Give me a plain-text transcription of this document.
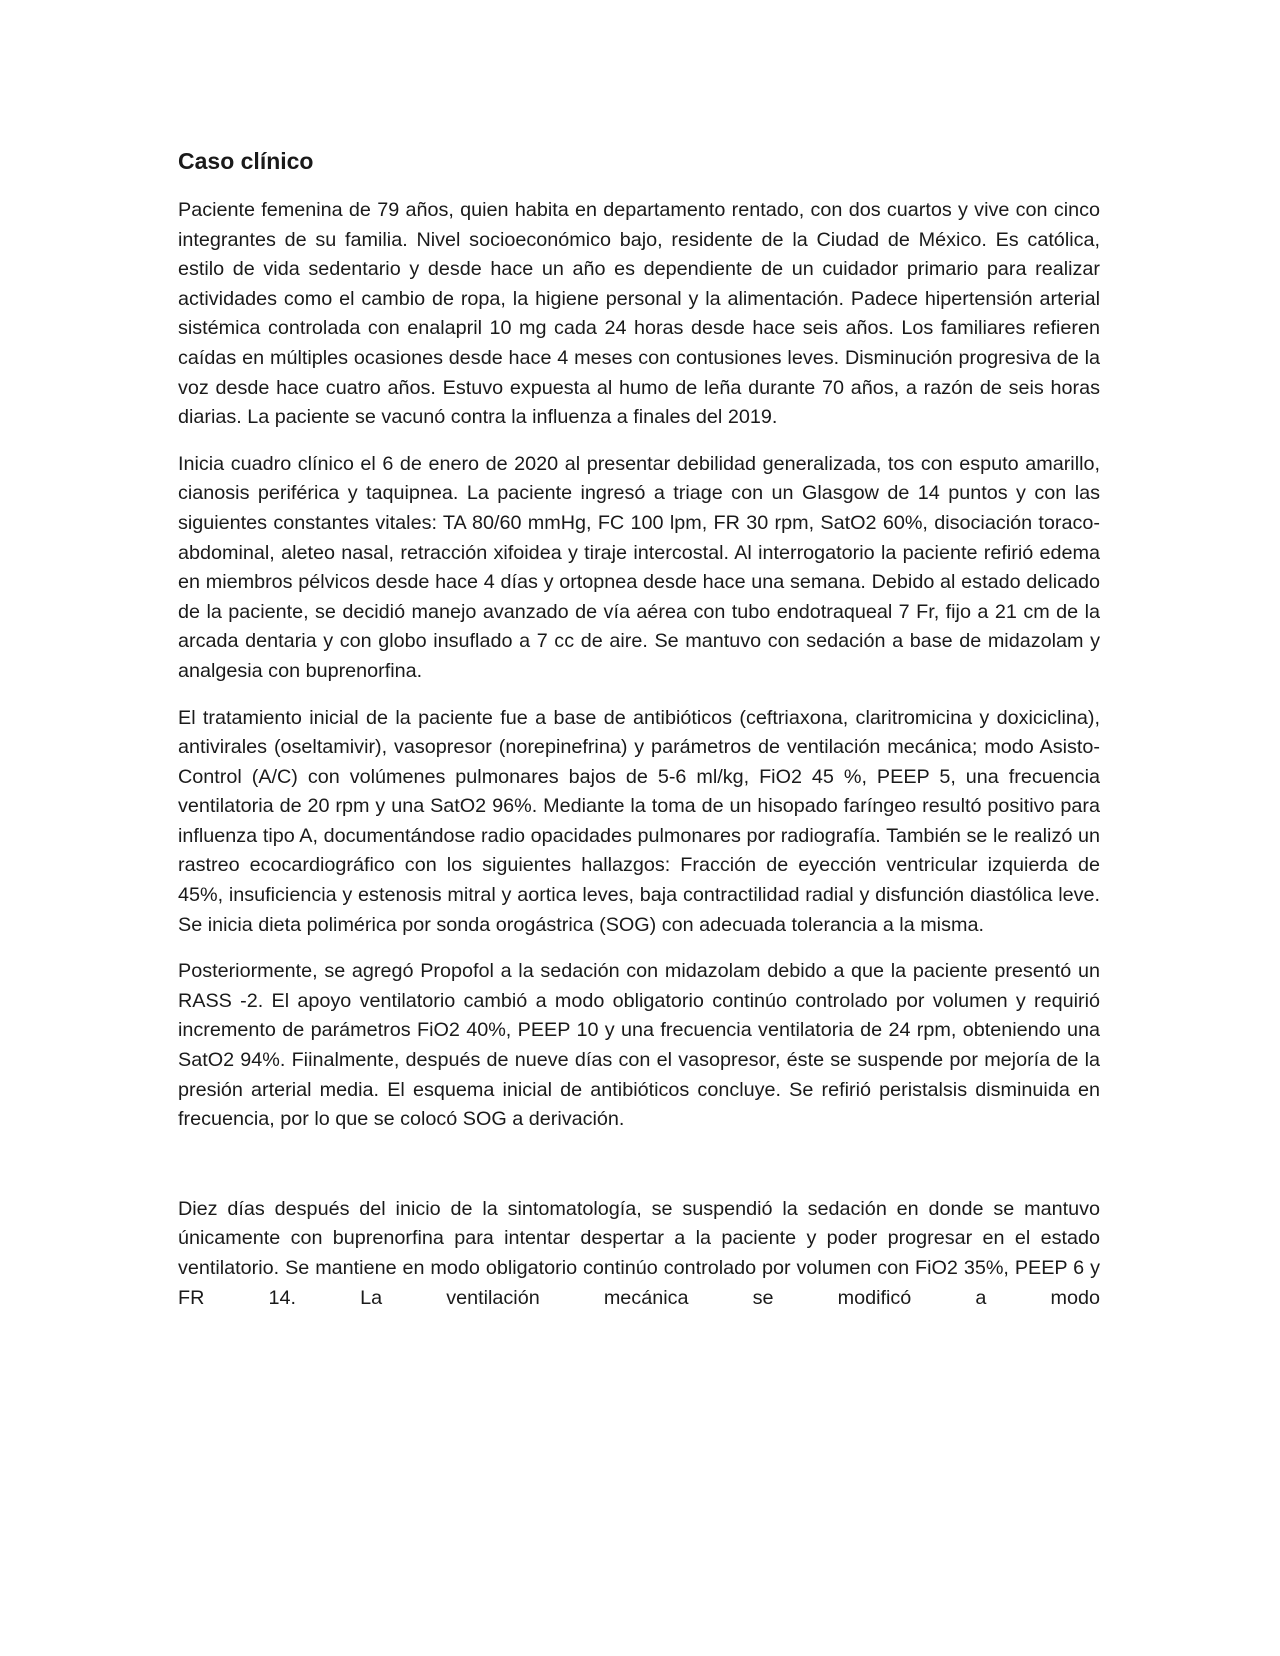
Caso clínico

Paciente femenina de 79 años, quien habita en departamento rentado, con dos cuartos y vive con cinco integrantes de su familia. Nivel socioeconómico bajo, residente de la Ciudad de México. Es católica, estilo de vida sedentario y desde hace un año es dependiente de un cuidador primario para realizar actividades como el cambio de ropa, la higiene personal y la alimentación. Padece hipertensión arterial sistémica controlada con enalapril 10 mg cada 24 horas desde hace seis años. Los familiares refieren caídas en múltiples ocasiones desde hace 4 meses con contusiones leves. Disminución progresiva de la voz desde hace cuatro años. Estuvo expuesta al humo de leña durante 70 años, a razón de seis horas diarias. La paciente se vacunó contra la influenza a finales del 2019.

Inicia cuadro clínico el 6 de enero de 2020 al presentar debilidad generalizada, tos con esputo amarillo, cianosis periférica y taquipnea. La paciente ingresó a triage con un Glasgow de 14 puntos y con las siguientes constantes vitales: TA 80/60 mmHg, FC 100 lpm, FR 30 rpm, SatO2 60%, disociación toraco-abdominal, aleteo nasal, retracción xifoidea y tiraje intercostal. Al interrogatorio la paciente refirió edema en miembros pélvicos desde hace 4 días y ortopnea desde hace una semana. Debido al estado delicado de la paciente, se decidió manejo avanzado de vía aérea con tubo endotraqueal 7 Fr, fijo a 21 cm de la arcada dentaria y con globo insuflado a 7 cc de aire. Se mantuvo con sedación a base de midazolam y analgesia con buprenorfina.

El tratamiento inicial de la paciente fue a base de antibióticos (ceftriaxona, claritromicina y doxiciclina), antivirales (oseltamivir), vasopresor (norepinefrina) y parámetros de ventilación mecánica; modo Asisto-Control (A/C) con volúmenes pulmonares bajos de 5-6 ml/kg, FiO2 45 %, PEEP 5, una frecuencia ventilatoria de 20 rpm y una SatO2 96%. Mediante la toma de un hisopado faríngeo resultó positivo para influenza tipo A, documentándose radio opacidades pulmonares por radiografía. También se le realizó un rastreo ecocardiográfico con los siguientes hallazgos: Fracción de eyección ventricular izquierda de 45%, insuficiencia y estenosis mitral y aortica leves, baja contractilidad radial y disfunción diastólica leve. Se inicia dieta polimérica por sonda orogástrica (SOG) con adecuada tolerancia a la misma.

Posteriormente, se agregó Propofol a la sedación con midazolam debido a que la paciente presentó un RASS -2. El apoyo ventilatorio cambió a modo obligatorio continúo controlado por volumen y requirió incremento de parámetros FiO2 40%, PEEP 10 y una frecuencia ventilatoria de 24 rpm, obteniendo una SatO2 94%. Fiinalmente, después de nueve días con el vasopresor, éste se suspende por mejoría de la presión arterial media. El esquema inicial de antibióticos concluye. Se refirió peristalsis disminuida en frecuencia, por lo que se colocó SOG a derivación.

Diez días después del inicio de la sintomatología, se suspendió la sedación en donde se mantuvo únicamente con buprenorfina para intentar despertar a la paciente y poder progresar en el estado ventilatorio. Se mantiene en modo obligatorio continúo controlado por volumen con FiO2 35%, PEEP 6 y FR 14. La ventilación mecánica se modificó a modo
